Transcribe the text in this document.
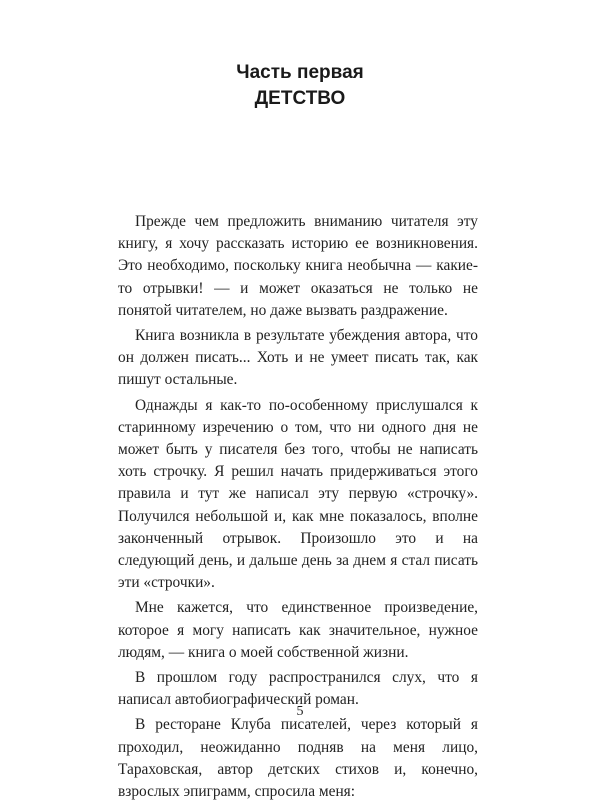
Часть первая
ДЕТСТВО

Прежде чем предложить вниманию читателя эту книгу, я хочу рассказать историю ее возникновения. Это необходимо, поскольку книга необычна — какие-то отрывки! — и может оказаться не только не понятой читателем, но даже вызвать раздражение.

Книга возникла в результате убеждения автора, что он должен писать... Хоть и не умеет писать так, как пишут остальные.

Однажды я как-то по-особенному прислушался к старинному изречению о том, что ни одного дня не может быть у писателя без того, чтобы не написать хоть строчку. Я решил начать придерживаться этого правила и тут же написал эту первую «строчку». Получился небольшой и, как мне показалось, вполне законченный отрывок. Произошло это и на следующий день, и дальше день за днем я стал писать эти «строчки».

Мне кажется, что единственное произведение, которое я могу написать как значительное, нужное людям, — книга о моей собственной жизни.

В прошлом году распространился слух, что я написал автобиографический роман.

В ресторане Клуба писателей, через который я проходил, неожиданно подняв на меня лицо, Тараховская, автор детских стихов и, конечно, взрослых эпиграмм, спросила меня:

5
